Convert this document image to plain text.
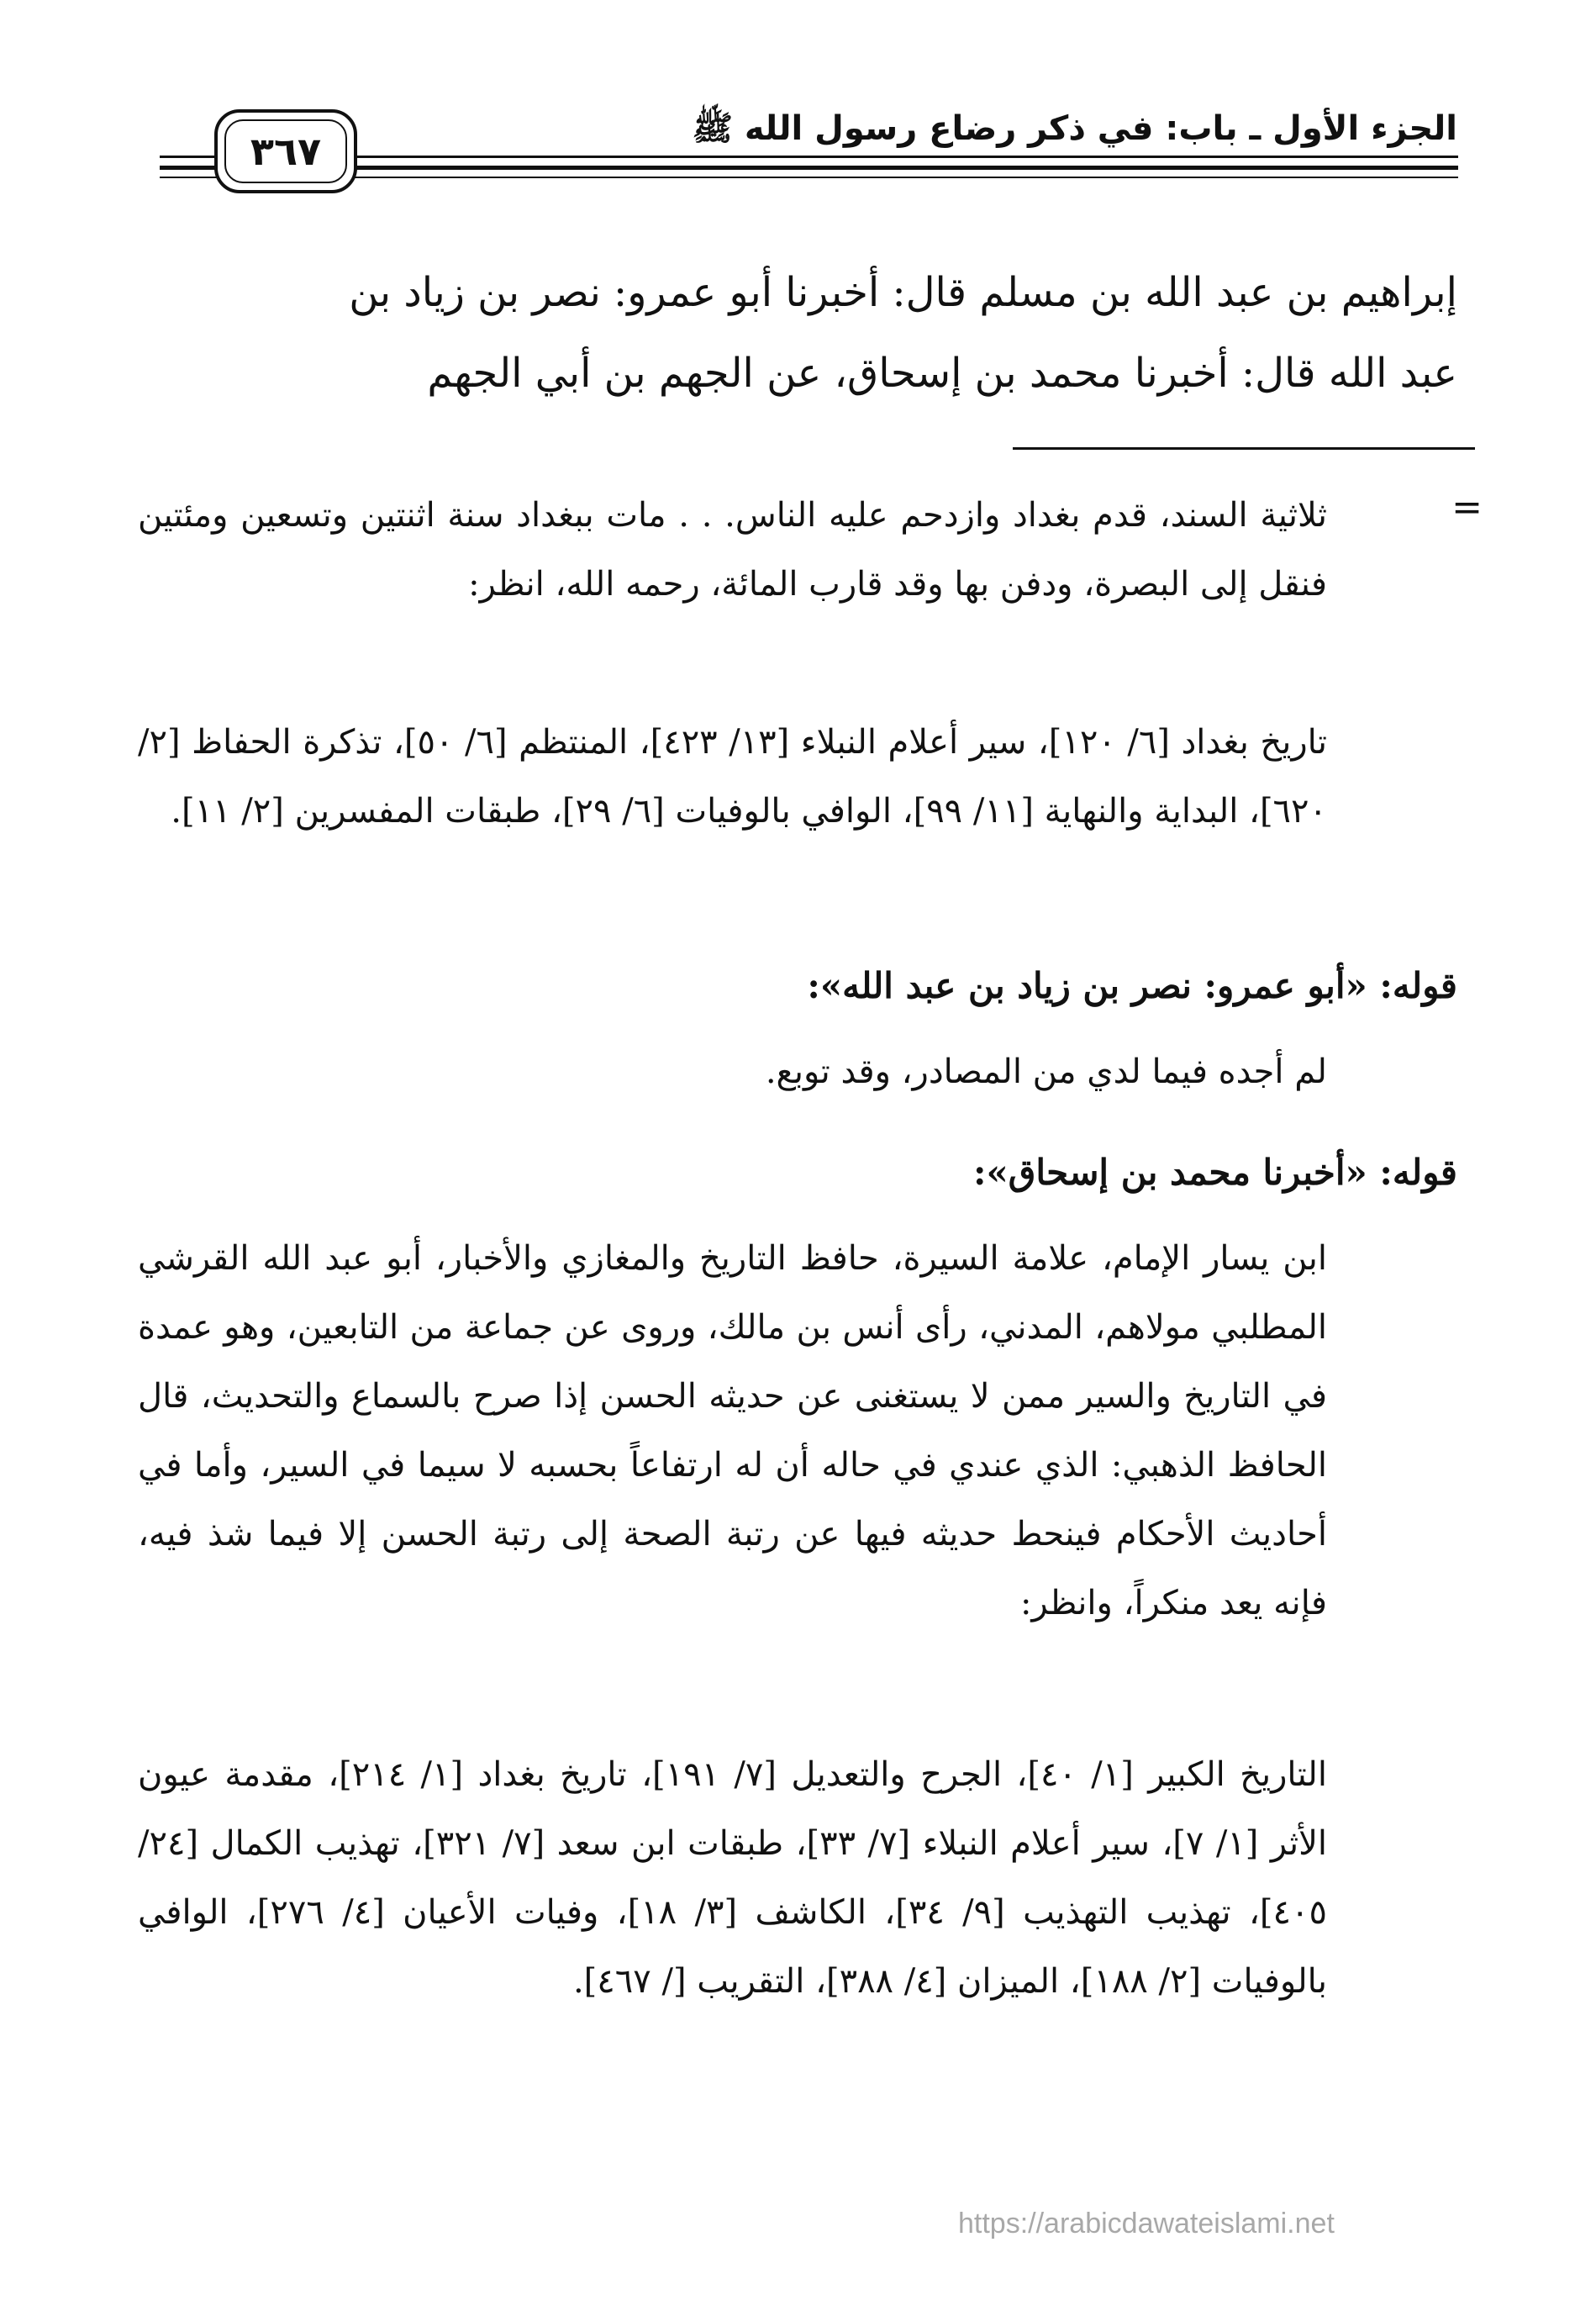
الجزء الأول ـ باب: في ذكر رضاع رسول الله ﷺ
٣٦٧

إبراهيم بن عبد الله بن مسلم قال: أخبرنا أبو عمرو: نصر بن زياد بن

عبد الله قال: أخبرنا محمد بن إسحاق، عن الجهم بن أبي الجهم

=

ثلاثية السند، قدم بغداد وازدحم عليه الناس. . . مات ببغداد سنة اثنتين وتسعين ومئتين فنقل إلى البصرة، ودفن بها وقد قارب المائة، رحمه الله، انظر:

تاريخ بغداد [٦/ ١٢٠]، سير أعلام النبلاء [١٣/ ٤٢٣]، المنتظم [٦/ ٥٠]، تذكرة الحفاظ [٢/ ٦٢٠]، البداية والنهاية [١١/ ٩٩]، الوافي بالوفيات [٦/ ٢٩]، طبقات المفسرين [٢/ ١١].

قوله: «أبو عمرو: نصر بن زياد بن عبد الله»:

لم أجده فيما لدي من المصادر، وقد توبع.

قوله: «أخبرنا محمد بن إسحاق»:

ابن يسار الإمام، علامة السيرة، حافظ التاريخ والمغازي والأخبار، أبو عبد الله القرشي المطلبي مولاهم، المدني، رأى أنس بن مالك، وروى عن جماعة من التابعين، وهو عمدة في التاريخ والسير ممن لا يستغنى عن حديثه الحسن إذا صرح بالسماع والتحديث، قال الحافظ الذهبي: الذي عندي في حاله أن له ارتفاعاً بحسبه لا سيما في السير، وأما في أحاديث الأحكام فينحط حديثه فيها عن رتبة الصحة إلى رتبة الحسن إلا فيما شذ فيه، فإنه يعد منكراً، وانظر:

التاريخ الكبير [١/ ٤٠]، الجرح والتعديل [٧/ ١٩١]، تاريخ بغداد [١/ ٢١٤]، مقدمة عيون الأثر [١/ ٧]، سير أعلام النبلاء [٧/ ٣٣]، طبقات ابن سعد [٧/ ٣٢١]، تهذيب الكمال [٢٤/ ٤٠٥]، تهذيب التهذيب [٩/ ٣٤]، الكاشف [٣/ ١٨]، وفيات الأعيان [٤/ ٢٧٦]، الوافي بالوفيات [٢/ ١٨٨]، الميزان [٤/ ٣٨٨]، التقريب [/ ٤٦٧].

https://arabicdawateislami.net
